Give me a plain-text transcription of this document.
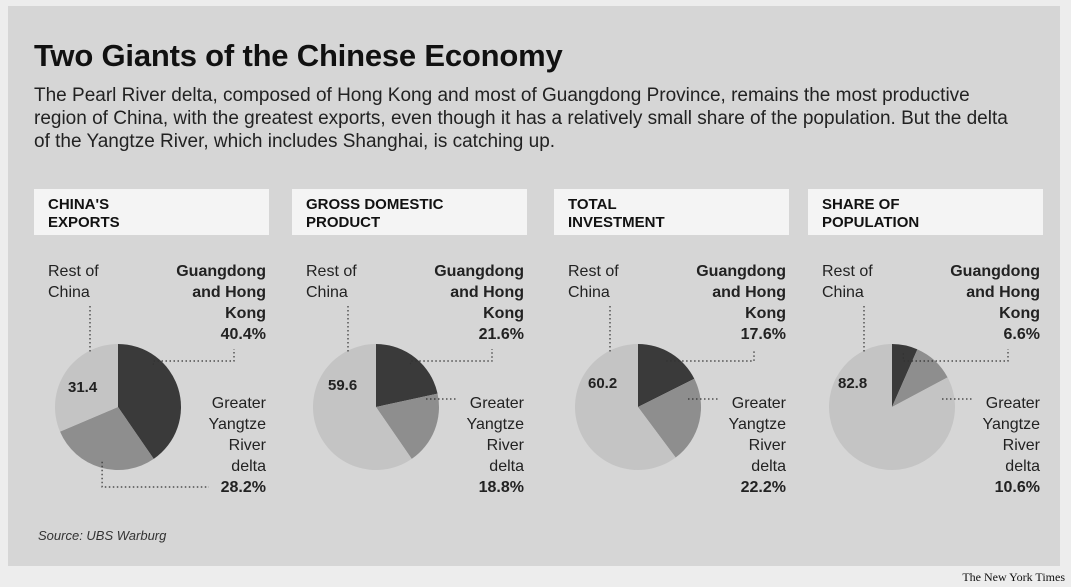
Two Giants of the Chinese Economy
The Pearl River delta, composed of Hong Kong and most of Guangdong Province, remains the most productive region of China, with the greatest exports, even though it has a relatively small share of the population. But the delta of the Yangtze River, which includes Shanghai, is catching up.
CHINA'S
EXPORTS
Rest of
China
Guangdong
and Hong
Kong
40.4%
Greater
Yangtze
River
delta
28.2%
31.4
GROSS DOMESTIC
PRODUCT
Rest of
China
Guangdong
and Hong
Kong
21.6%
Greater
Yangtze
River
delta
18.8%
59.6
TOTAL
INVESTMENT
Rest of
China
Guangdong
and Hong
Kong
17.6%
Greater
Yangtze
River
delta
22.2%
60.2
SHARE OF
POPULATION
Rest of
China
Guangdong
and Hong
Kong
6.6%
Greater
Yangtze
River
delta
10.6%
82.8
Source: UBS Warburg
The New York Times
